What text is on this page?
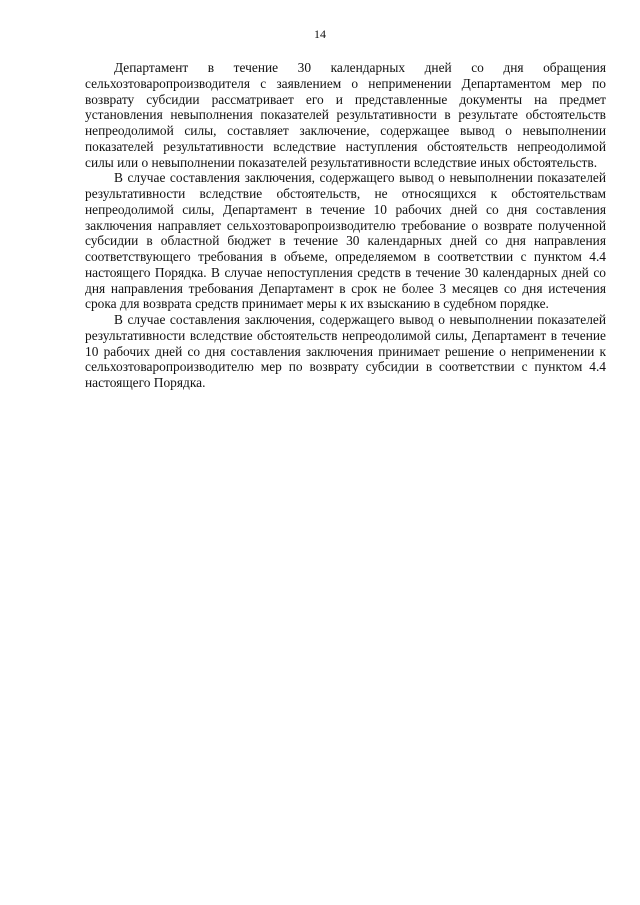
14

Департамент в течение 30 календарных дней со дня обращения сельхозтоваропроизводителя с заявлением о неприменении Департаментом мер по возврату субсидии рассматривает его и представленные документы на предмет установления невыполнения показателей результативности в результате обстоятельств непреодолимой силы, составляет заключение, содержащее вывод о невыполнении показателей результативности вследствие наступления обстоятельств непреодолимой силы или о невыполнении показателей результативности вследствие иных обстоятельств.

В случае составления заключения, содержащего вывод о невыполнении показателей результативности вследствие обстоятельств, не относящихся к обстоятельствам непреодолимой силы, Департамент в течение 10 рабочих дней со дня составления заключения направляет сельхозтоваропроизводителю требование о возврате полученной субсидии в областной бюджет в течение 30 календарных дней со дня направления соответствующего требования в объеме, определяемом в соответствии с пунктом 4.4 настоящего Порядка. В случае непоступления средств в течение 30 календарных дней со дня направления требования Департамент в срок не более 3 месяцев со дня истечения срока для возврата средств принимает меры к их взысканию в судебном порядке.

В случае составления заключения, содержащего вывод о невыполнении показателей результативности вследствие обстоятельств непреодолимой силы, Департамент в течение 10 рабочих дней со дня составления заключения принимает решение о неприменении к сельхозтоваропроизводителю мер по возврату субсидии в соответствии с пунктом 4.4 настоящего Порядка.
